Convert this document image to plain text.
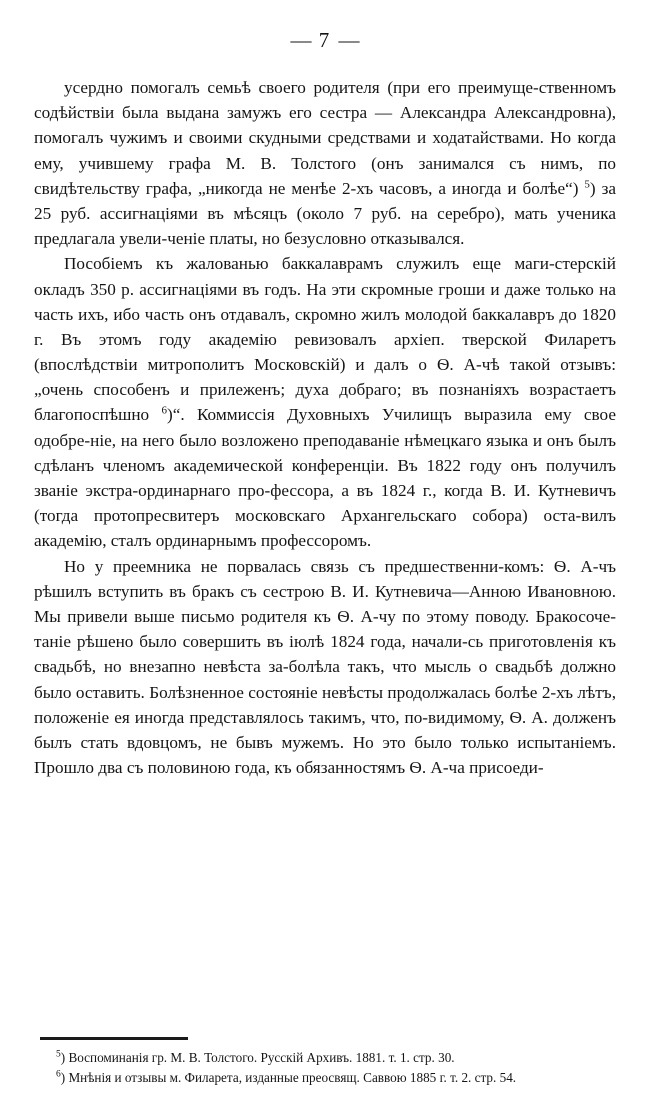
— 7 —

усердно помогалъ семьѣ своего родителя (при его преимуще-ственномъ содѣйствіи была выдана замужъ его сестра — Александра Александровна), помогалъ чужимъ и своими скудными средствами и ходатайствами. Но когда ему, учившему графа М. В. Толстого (онъ занимался съ нимъ, по свидѣтельству графа, „никогда не менѣе 2-хъ часовъ, а иногда и болѣе“) $^5$) за 25 руб. ассигнаціями въ мѣсяцъ (около 7 руб. на серебро), мать ученика предлагала увели-ченіе платы, но безусловно отказывался.

Пособіемъ къ жалованью баккалаврамъ служилъ еще маги-стерскій окладъ 350 р. ассигнаціями въ годъ. На эти скромные гроши и даже только на часть ихъ, ибо часть онъ отдавалъ, скромно жилъ молодой баккалавръ до 1820 г. Въ этомъ году академію ревизовалъ архіеп. тверской Филаретъ (впослѣдствіи митрополитъ Московскій) и далъ о Ѳ. А-чѣ такой отзывъ: „очень способенъ и прилеженъ; духа добраго; въ познаніяхъ возрастаетъ благопоспѣшно $^6$)“. Коммиссія Духовныхъ Училищъ выразила ему свое одобре-ніе, на него было возложено преподаваніе нѣмецкаго языка и онъ былъ сдѣланъ членомъ академической конференціи. Въ 1822 году онъ получилъ званіе экстра-ординарнаго про-фессора, а въ 1824 г., когда В. И. Кутневичъ (тогда протопресвитеръ московскаго Архангельскаго собора) оста-вилъ академію, сталъ ординарнымъ профессоромъ.

Но у преемника не порвалась связь съ предшественни-комъ: Ѳ. А-чъ рѣшилъ вступить въ бракъ съ сестрою В. И. Кутневича—Анною Ивановною. Мы привели выше письмо родителя къ Ѳ. А-чу по этому поводу. Бракосоче-таніе рѣшено было совершить въ іюлѣ 1824 года, начали-сь приготовленія къ свадьбѣ, но внезапно невѣста за-болѣла такъ, что мысль о свадьбѣ должно было оставить. Болѣзненное состояніе невѣсты продолжалась болѣе 2-хъ лѣтъ, положеніе ея иногда представлялось такимъ, что, по-видимому, Ѳ. А. долженъ былъ стать вдовцомъ, не бывъ мужемъ. Но это было только испытаніемъ. Прошло два съ половиною года, къ обязанностямъ Ѳ. А-ча присоеди-

$^5$) Воспоминанія гр. М. В. Толстого. Русскій Архивъ. 1881. т. 1. стр. 30.

$^6$) Мнѣнія и отзывы м. Филарета, изданные преосвящ. Саввою 1885 г. т. 2. стр. 54.
